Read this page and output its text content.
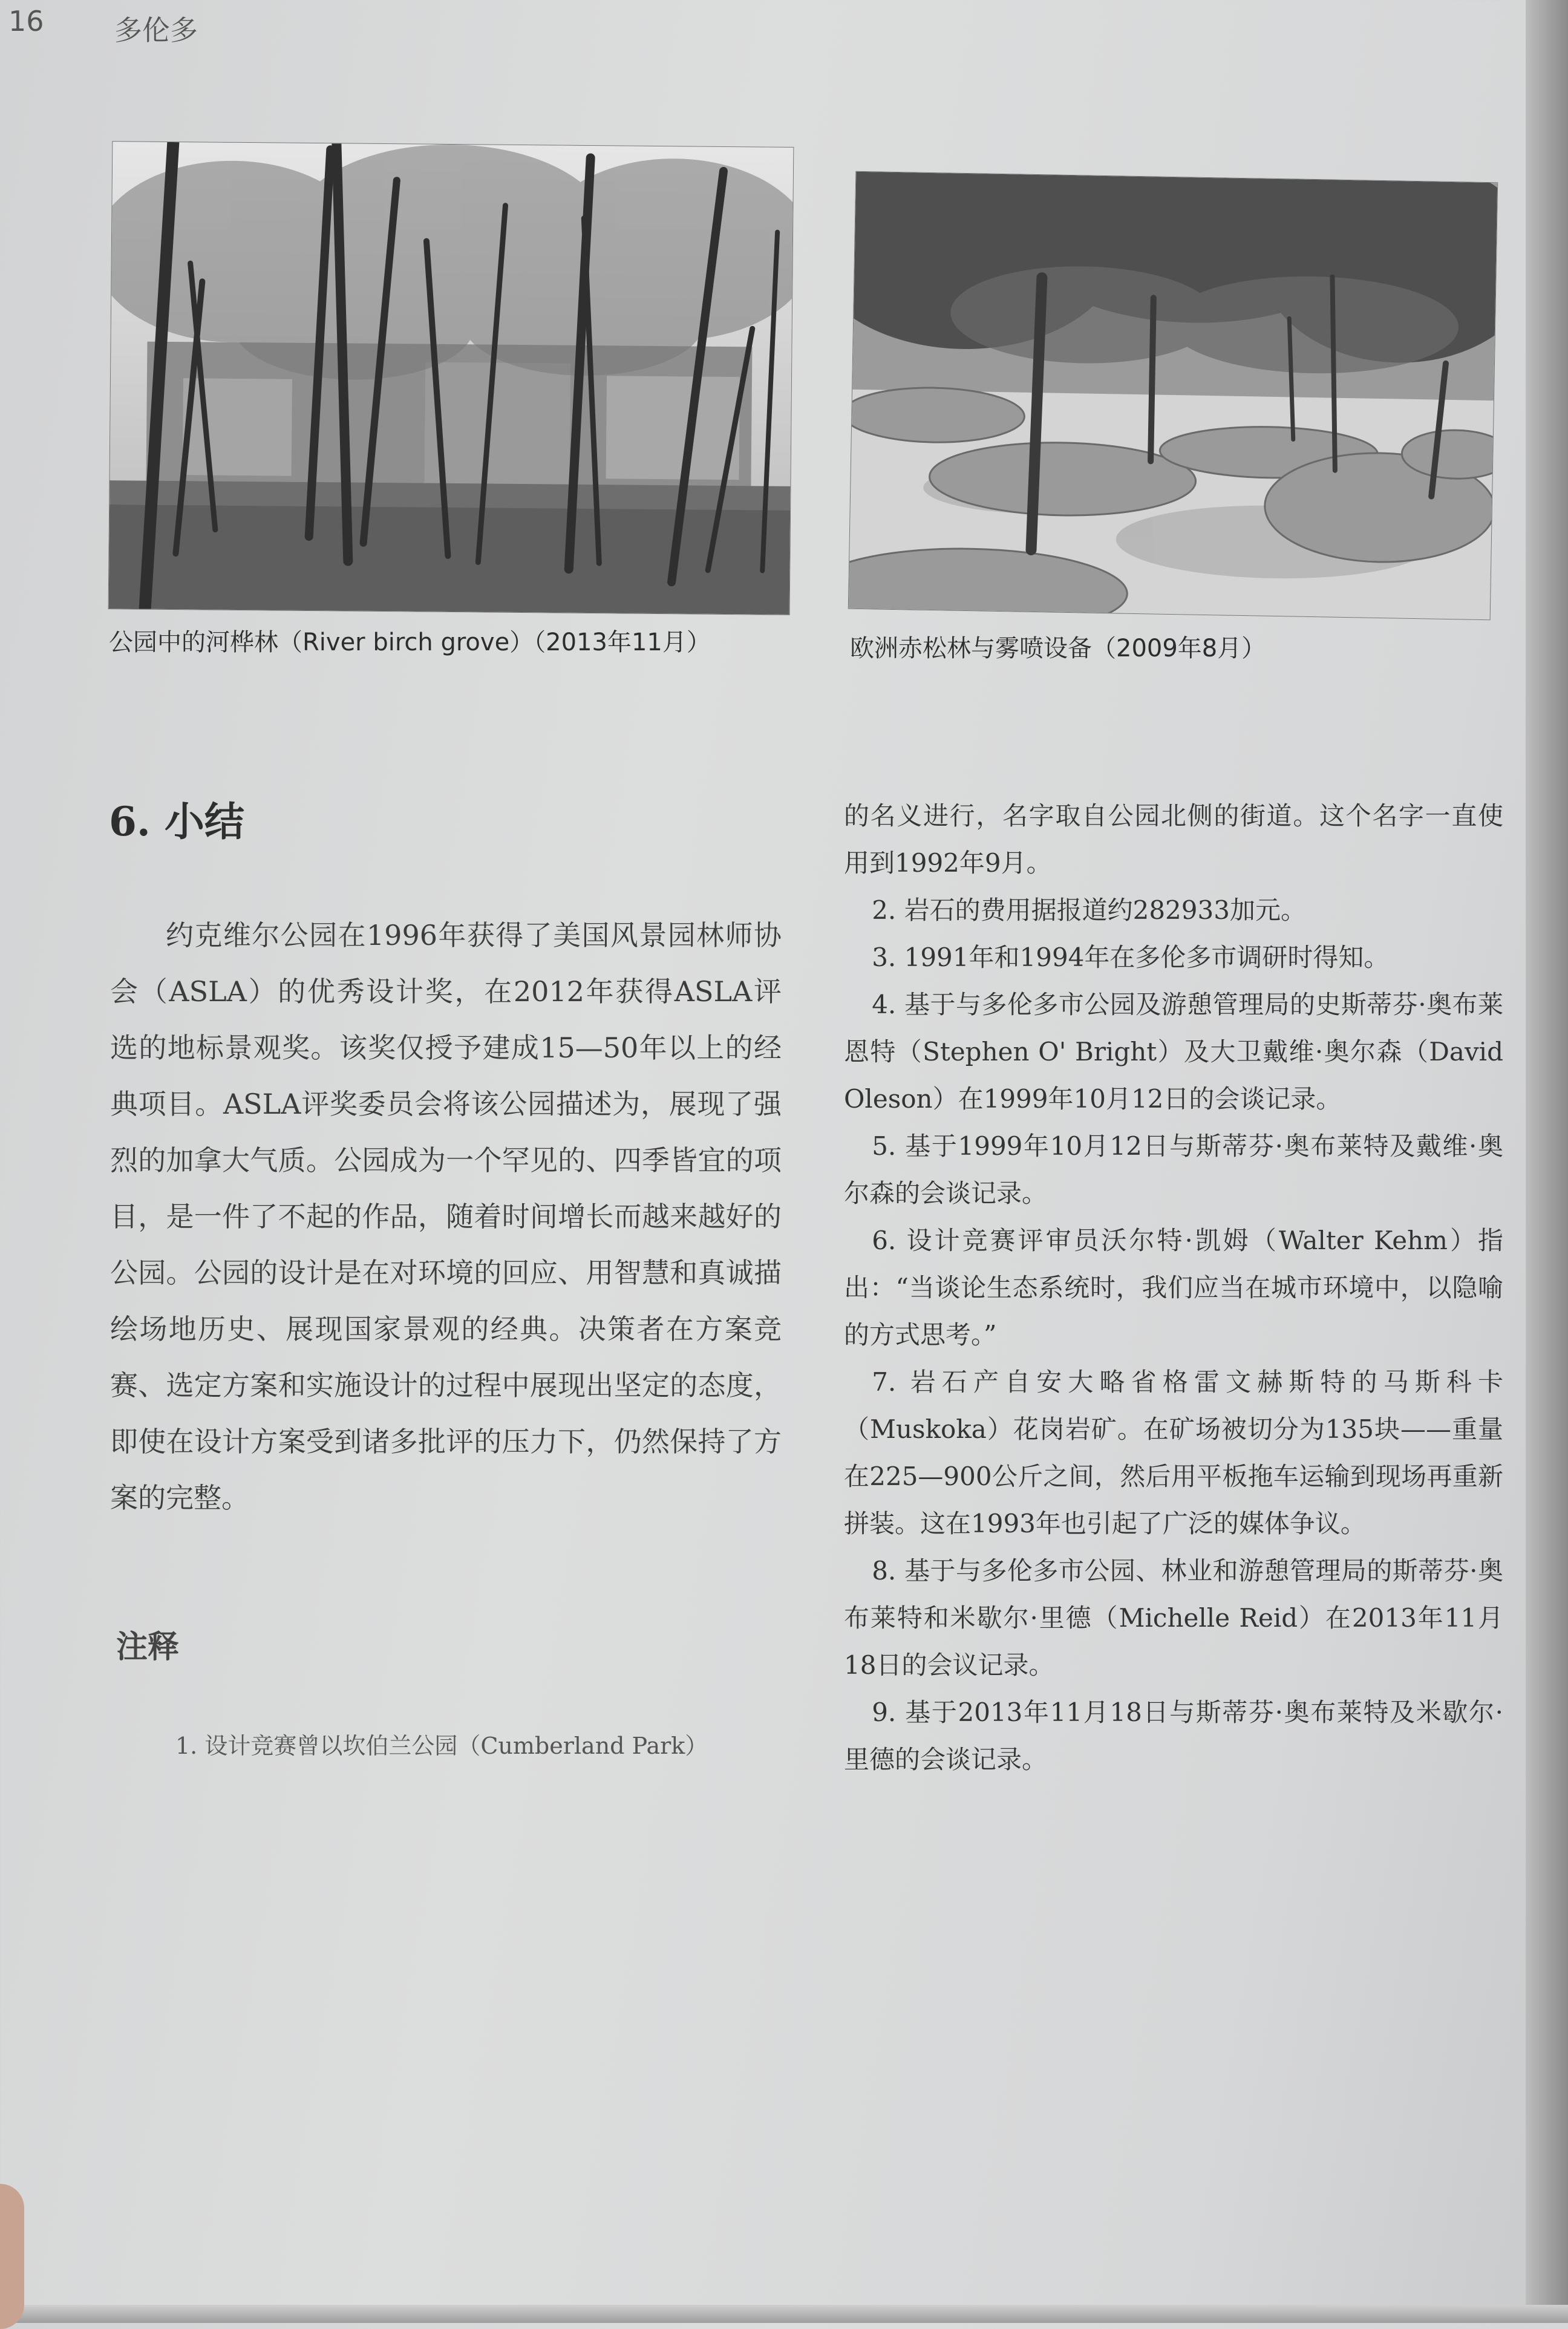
16	多伦多
公园中的河桦林（River birch grove）（2013年11月）	欧洲赤松林与雾喷设备（2009年8月）
6. 小结

约克维尔公园在1996年获得了美国风景园林师协会（ASLA）的优秀设计奖，在2012年获得ASLA评选的地标景观奖。该奖仅授予建成15—50年以上的经典项目。ASLA评奖委员会将该公园描述为，展现了强烈的加拿大气质。公园成为一个罕见的、四季皆宜的项目，是一件了不起的作品，随着时间增长而越来越好的公园。公园的设计是在对环境的回应、用智慧和真诚描绘场地历史、展现国家景观的经典。决策者在方案竞赛、选定方案和实施设计的过程中展现出坚定的态度，即使在设计方案受到诸多批评的压力下，仍然保持了方案的完整。

注释
1. 设计竞赛曾以坎伯兰公园（Cumberland Park）

的名义进行，名字取自公园北侧的街道。这个名字一直使用到1992年9月。

2. 岩石的费用据报道约282933加元。

3. 1991年和1994年在多伦多市调研时得知。

4. 基于与多伦多市公园及游憩管理局的史斯蒂芬·奥布莱恩特（Stephen O' Bright）及大卫戴维·奥尔森（David Oleson）在1999年10月12日的会谈记录。

5. 基于1999年10月12日与斯蒂芬·奥布莱特及戴维·奥尔森的会谈记录。

6. 设计竞赛评审员沃尔特·凯姆（Walter Kehm）指出：“当谈论生态系统时，我们应当在城市环境中，以隐喻的方式思考。”

7. 岩石产自安大略省格雷文赫斯特的马斯科卡（Muskoka）花岗岩矿。在矿场被切分为135块——重量在225—900公斤之间，然后用平板拖车运输到现场再重新拼装。这在1993年也引起了广泛的媒体争议。

8. 基于与多伦多市公园、林业和游憩管理局的斯蒂芬·奥布莱特和米歇尔·里德（Michelle Reid）在2013年11月18日的会议记录。

9. 基于2013年11月18日与斯蒂芬·奥布莱特及米歇尔·里德的会谈记录。
